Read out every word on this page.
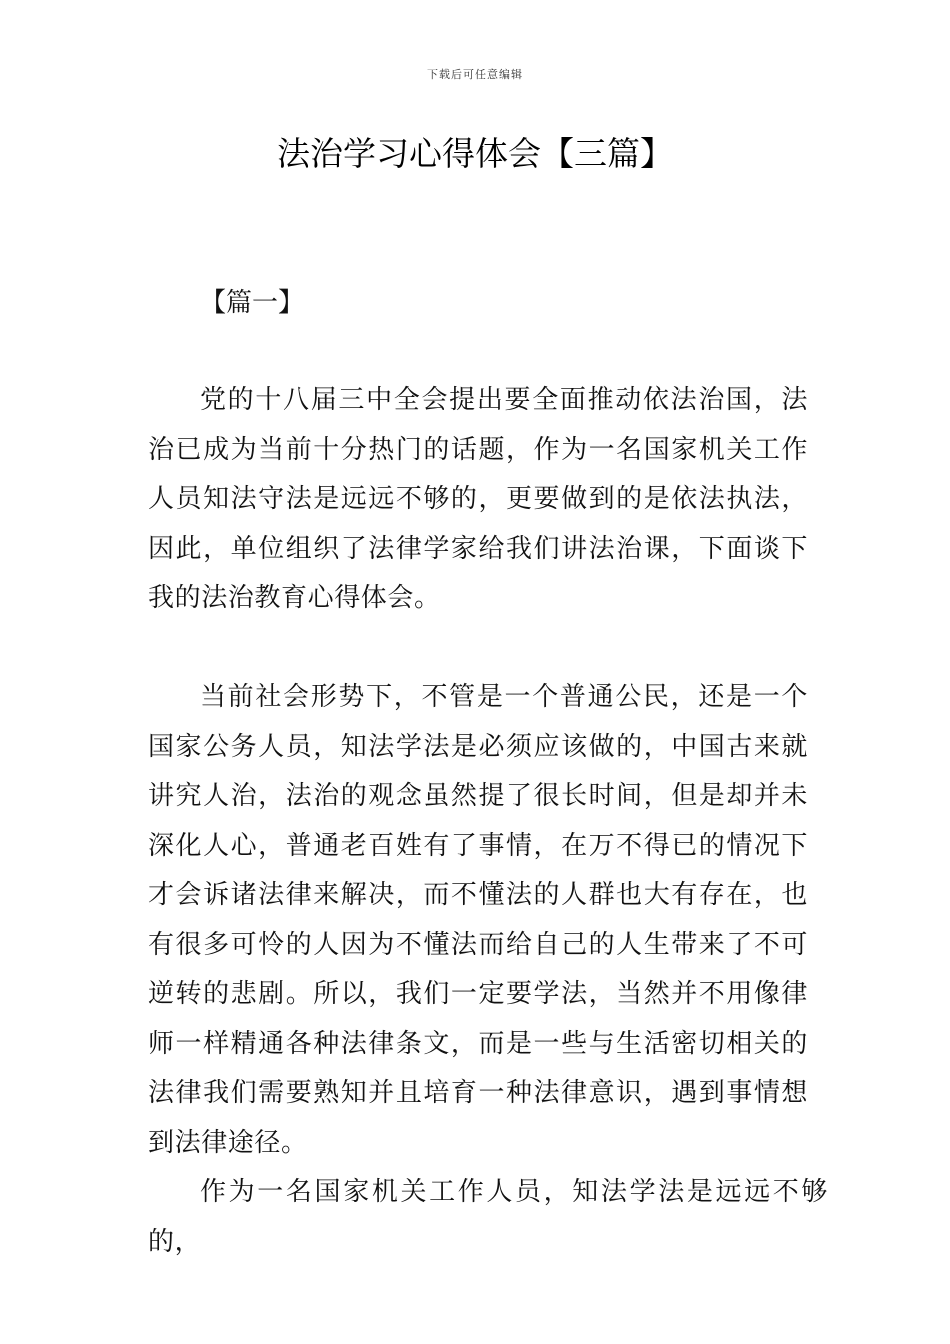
下载后可任意编辑
法治学习心得体会【三篇】
【篇一】

党的十八届三中全会提出要全面推动依法治国，法治已成为当前十分热门的话题，作为一名国家机关工作人员知法守法是远远不够的，更要做到的是依法执法，因此，单位组织了法律学家给我们讲法治课，下面谈下我的法治教育心得体会。

当前社会形势下，不管是一个普通公民，还是一个国家公务人员，知法学法是必须应该做的，中国古来就讲究人治，法治的观念虽然提了很长时间，但是却并未深化人心，普通老百姓有了事情，在万不得已的情况下才会诉诸法律来解决，而不懂法的人群也大有存在，也有很多可怜的人因为不懂法而给自己的人生带来了不可逆转的悲剧。所以，我们一定要学法，当然并不用像律师一样精通各种法律条文，而是一些与生活密切相关的法律我们需要熟知并且培育一种法律意识，遇到事情想到法律途径。

作为一名国家机关工作人员，知法学法是远远不够的，
